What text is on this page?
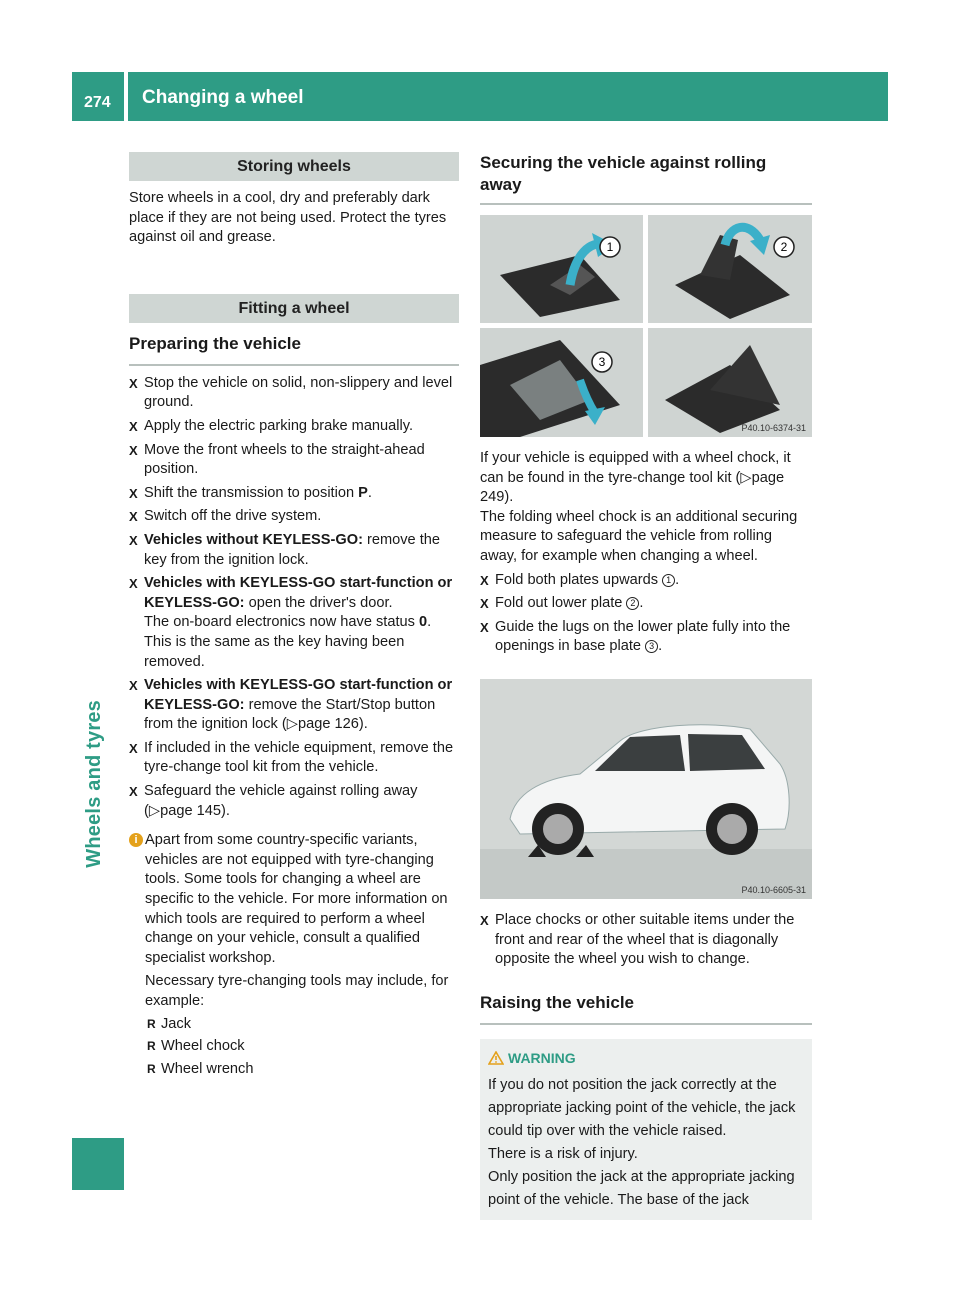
274 Changing a wheel
Wheels and tyres
Storing wheels

Store wheels in a cool, dry and preferably dark place if they are not being used. Protect the tyres against oil and grease.

Fitting a wheel
Preparing the vehicle
X Stop the vehicle on solid, non-slippery and level ground.
X Apply the electric parking brake manually.
X Move the front wheels to the straight-ahead position.
X Shift the transmission to position P.
X Switch off the drive system.
X Vehicles without KEYLESS-GO: remove the key from the ignition lock.
X Vehicles with KEYLESS-GO start-function or KEYLESS-GO: open the driver's door.
The on-board electronics now have status 0. This is the same as the key having been removed.
X Vehicles with KEYLESS-GO start-function or KEYLESS-GO: remove the Start/Stop button from the ignition lock (▷page 126).
X If included in the vehicle equipment, remove the tyre-change tool kit from the vehicle.
X Safeguard the vehicle against rolling away (▷page 145).
i Apart from some country-specific variants, vehicles are not equipped with tyre-changing tools. Some tools for changing a wheel are specific to the vehicle. For more information on which tools are required to perform a wheel change on your vehicle, consult a qualified specialist workshop.

Necessary tyre-changing tools may include, for example:

R Jack
R Wheel chock
R Wheel wrench
Securing the vehicle against rolling away
1	2
3
P40.10-6374-31

If your vehicle is equipped with a wheel chock, it can be found in the tyre-change tool kit (▷page 249).

The folding wheel chock is an additional securing measure to safeguard the vehicle from rolling away, for example when changing a wheel.

X Fold both plates upwards 1 .
X Fold out lower plate 2 .
X Guide the lugs on the lower plate fully into the openings in base plate 3 .
P40.10-6605-31
X Place chocks or other suitable items under the front and rear of the wheel that is diagonally opposite the wheel you wish to change.
Raising the vehicle
WARNING

If you do not position the jack correctly at the appropriate jacking point of the vehicle, the jack could tip over with the vehicle raised.

There is a risk of injury.

Only position the jack at the appropriate jacking point of the vehicle. The base of the jack
